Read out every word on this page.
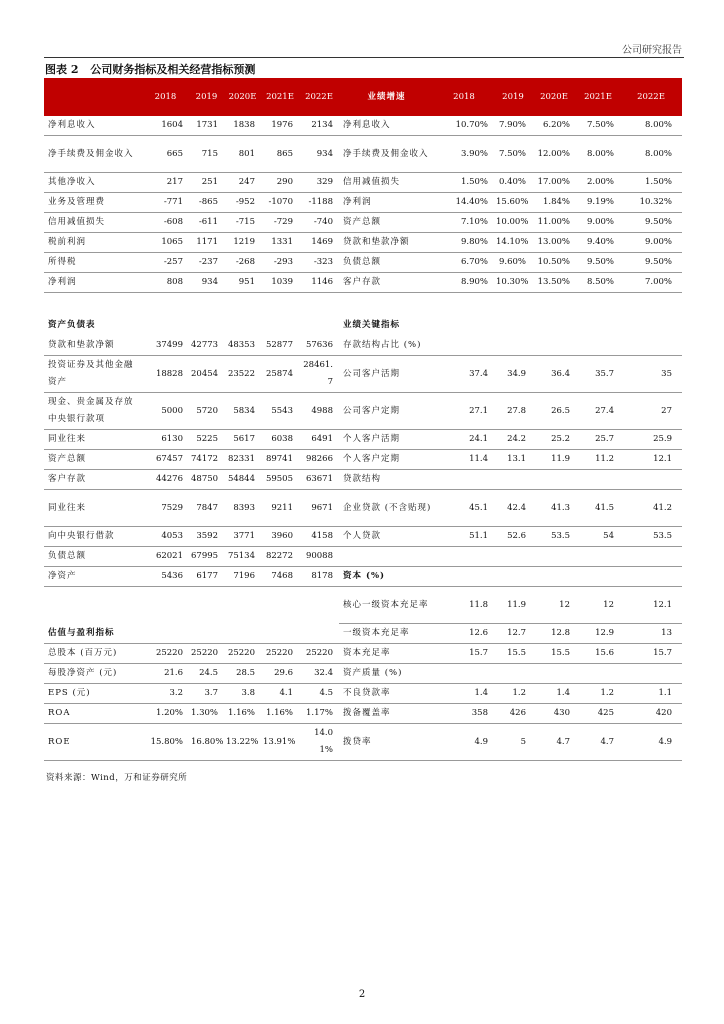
公司研究报告
图表 2 公司财务指标及相关经营指标预测
	2018	2019	2020E	2021E	2022E	业绩增速	2018	2019	2020E	2021E	2022E
净利息收入	1604	1731	1838	1976	2134	净利息收入	10.70%	7.90%	6.20%	7.50%	8.00%
净手续费及佣金收入	665	715	801	865	934	净手续费及佣金收入	3.90%	7.50%	12.00%	8.00%	8.00%
其他净收入	217	251	247	290	329	信用减值损失	1.50%	0.40%	17.00%	2.00%	1.50%
业务及管理费	-771	-865	-952	-1070	-1188	净利润	14.40%	15.60%	1.84%	9.19%	10.32%
信用减值损失	-608	-611	-715	-729	-740	资产总额	7.10%	10.00%	11.00%	9.00%	9.50%
税前利润	1065	1171	1219	1331	1469	贷款和垫款净额	9.80%	14.10%	13.00%	9.40%	9.00%
所得税	-257	-237	-268	-293	-323	负债总额	6.70%	9.60%	10.50%	9.50%	9.50%
净利润	808	934	951	1039	1146	客户存款	8.90%	10.30%	13.50%	8.50%	7.00%
资产负债表						业绩关键指标					
贷款和垫款净额	37499	42773	48353	52877	57636	存款结构占比 (%)					
投资证券及其他金融资产	18828	20454	23522	25874	28461.7	公司客户活期	37.4	34.9	36.4	35.7	35
现金、贵金属及存放中央银行款项	5000	5720	5834	5543	4988	公司客户定期	27.1	27.8	26.5	27.4	27
同业往来	6130	5225	5617	6038	6491	个人客户活期	24.1	24.2	25.2	25.7	25.9
资产总额	67457	74172	82331	89741	98266	个人客户定期	11.4	13.1	11.9	11.2	12.1
客户存款	44276	48750	54844	59505	63671	贷款结构					
同业往来	7529	7847	8393	9211	9671	企业贷款 (不含贴现)	45.1	42.4	41.3	41.5	41.2
向中央银行借款	4053	3592	3771	3960	4158	个人贷款	51.1	52.6	53.5	54	53.5
负债总额	62021	67995	75134	82272	90088						
净资产	5436	6177	7196	7468	8178	资本 (%)					
						核心一级资本充足率	11.8	11.9	12	12	12.1
估值与盈利指标						一级资本充足率	12.6	12.7	12.8	12.9	13
总股本 (百万元)	25220	25220	25220	25220	25220	资本充足率	15.7	15.5	15.5	15.6	15.7
每股净资产 (元)	21.6	24.5	28.5	29.6	32.4	资产质量 (%)					
EPS (元)	3.2	3.7	3.8	4.1	4.5	不良贷款率	1.4	1.2	1.4	1.2	1.1
ROA	1.20%	1.30%	1.16%	1.16%	1.17%	拨备覆盖率	358	426	430	425	420
ROE	15.80%	16.80%	13.22%	13.91%	14.01%	拨贷率	4.9	5	4.7	4.7	4.9
资料来源：Wind，万和证券研究所
2
